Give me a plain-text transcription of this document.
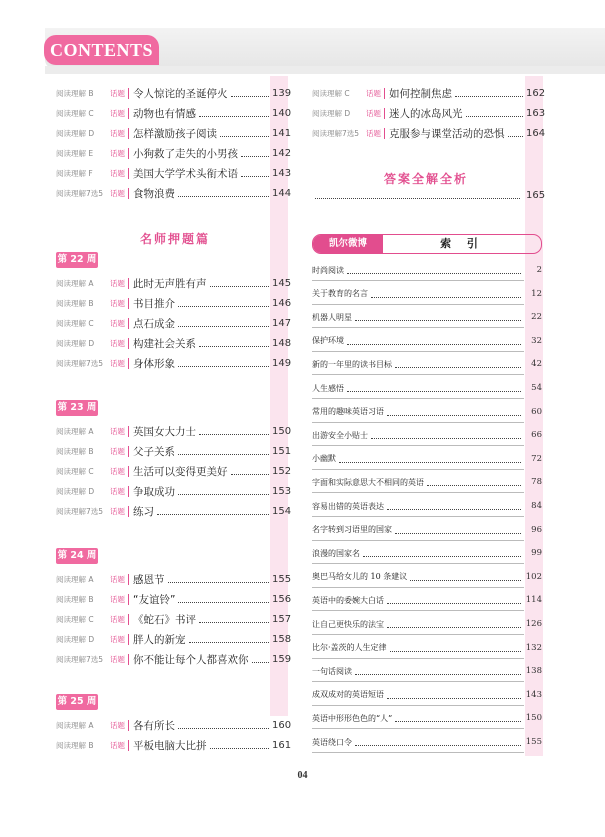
CONTENTS
阅读理解 B	话题 令人惊诧的圣诞停火	139
阅读理解 C	话题 动物也有情感	140
阅读理解 D	话题 怎样激励孩子阅读	141
阅读理解 E	话题 小狗救了走失的小男孩	142
阅读理解 F	话题 美国大学学术头衔术语	143
阅读理解7选5 话题 食物浪费	144
第 22 周
阅读理解 A	话题 此时无声胜有声	145
阅读理解 B	话题 书目推介	146
阅读理解 C	话题 点石成金	147
阅读理解 D	话题 构建社会关系	148
阅读理解7选5 话题 身体形象	149
第 23 周
阅读理解 A	话题 英国女大力士	150
阅读理解 B	话题 父子关系	151
阅读理解 C	话题 生活可以变得更美好	152
阅读理解 D	话题 争取成功	153
阅读理解7选5 话题 练习	154
第 24 周
阅读理解 A	话题 感恩节	155
阅读理解 B	话题 “友谊铃”	156
阅读理解 C	话题 《蛇石》书评	157
阅读理解 D	话题 胖人的新宠	158
阅读理解7选5 话题 你不能让每个人都喜欢你 159
第 25 周
阅读理解 A	话题 各有所长	160
阅读理解 B	话题 平板电脑大比拼	161
阅读理解 C	话题 如何控制焦虑	162
阅读理解 D	话题 迷人的冰岛风光	163
阅读理解7选5 话题 克服参与课堂活动的恐惧 164
名师押题篇
答案全解全析
165
凯尔微博	索 引
时尚阅读	2
关于教育的名言	12
机器人明星	22
保护环境	32
新的一年里的读书目标	42
人生感悟	54
常用的趣味英语习语	60
出游安全小贴士	66
小幽默	72
字面和实际意思大不相同的英语	78
容易出错的英语表达	84
名字转到习语里的国家	96
浪漫的国家名	99
奥巴马给女儿的 10 条建议	102
英语中的委婉大白话	114
让自己更快乐的法宝	126
比尔·盖茨的人生定律	132
一句话阅读	138
成双成对的英语短语	143
英语中形形色色的“人”	150
英语绕口令	155
04
